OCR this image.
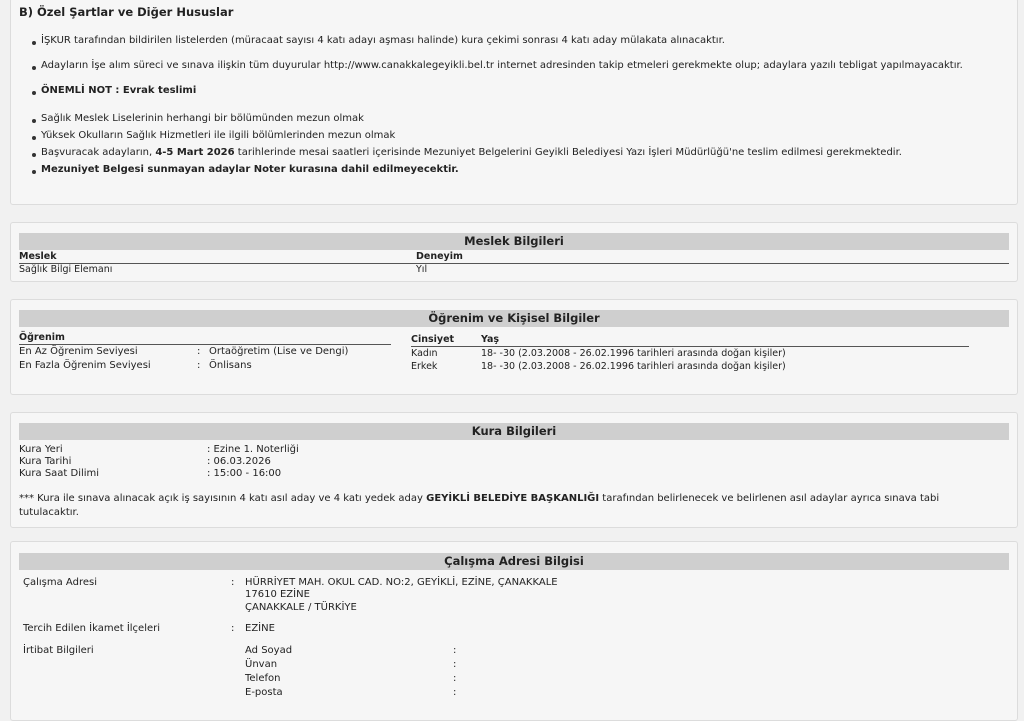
B) Özel Şartlar ve Diğer Hususlar
İŞKUR tarafından bildirilen listelerden (müracaat sayısı 4 katı adayı aşması halinde) kura çekimi sonrası 4 katı aday mülakata alınacaktır.
Adayların İşe alım süreci ve sınava ilişkin tüm duyurular http://www.canakkalegeyikli.bel.tr internet adresinden takip etmeleri gerekmekte olup; adaylara yazılı tebligat yapılmayacaktır.
ÖNEMLİ NOT : Evrak teslimi
Sağlık Meslek Liselerinin herhangi bir bölümünden mezun olmak
Yüksek Okulların Sağlık Hizmetleri ile ilgili bölümlerinden mezun olmak
Başvuracak adayların, 4-5 Mart 2026 tarihlerinde mesai saatleri içerisinde Mezuniyet Belgelerini Geyikli Belediyesi Yazı İşleri Müdürlüğü'ne teslim edilmesi gerekmektedir.
Mezuniyet Belgesi sunmayan adaylar Noter kurasına dahil edilmeyecektir.
Meslek Bilgileri
Meslek	Deneyim
Sağlık Bilgi Elemanı	Yıl
Öğrenim ve Kişisel Bilgiler
Öğrenim
En Az Öğrenim Seviyesi	: Ortaöğretim (Lise ve Dengi)
En Fazla Öğrenim Seviyesi	: Önlisans
Cinsiyet	Yaş
Kadın	18- -30 (2.03.2008 - 26.02.1996 tarihleri arasında doğan kişiler)
Erkek	18- -30 (2.03.2008 - 26.02.1996 tarihleri arasında doğan kişiler)
Kura Bilgileri
Kura Yeri	: Ezine 1. Noterliği
Kura Tarihi	: 06.03.2026
Kura Saat Dilimi	: 15:00 - 16:00
*** Kura ile sınava alınacak açık iş sayısının 4 katı asıl aday ve 4 katı yedek aday GEYİKLİ BELEDİYE BAŞKANLIĞI tarafından belirlenecek ve belirlenen asıl adaylar ayrıca sınava tabi
tutulacaktır.
Çalışma Adresi Bilgisi
Çalışma Adresi	: HÜRRİYET MAH. OKUL CAD. NO:2, GEYİKLİ, EZİNE, ÇANAKKALE
17610 EZİNE
ÇANAKKALE / TÜRKİYE
Tercih Edilen İkamet İlçeleri	: EZİNE
İrtibat Bilgileri	Ad Soyad	:
Ünvan	:
Telefon	:
E-posta	:
